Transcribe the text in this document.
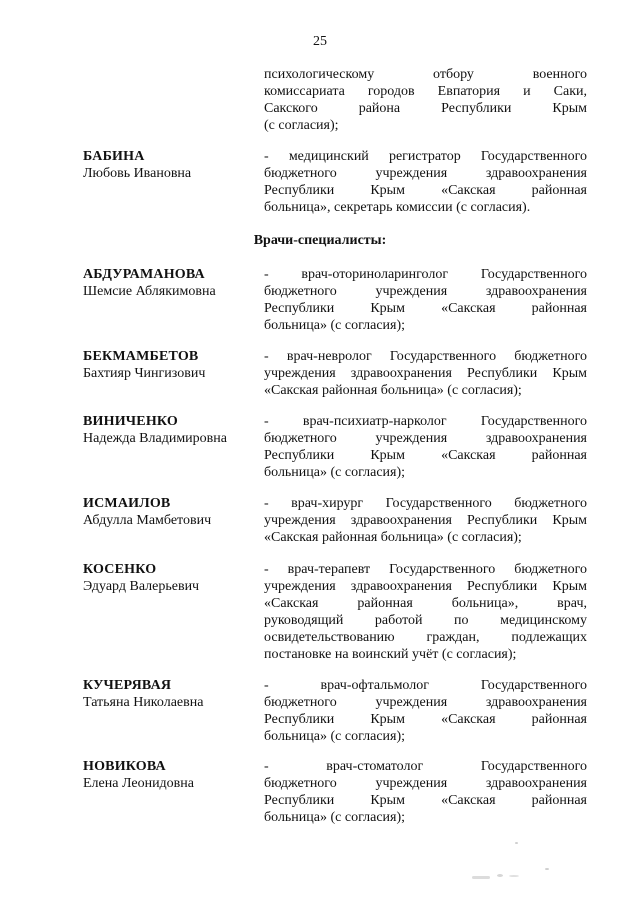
25
психологическому отбору военного
комиссариата городов Евпатория и Саки,
Сакского района Республики Крым
(с согласия);
БАБИНА
Любовь Ивановна
- медицинский регистратор Государственного
бюджетного учреждения здравоохранения
Республики Крым «Сакская районная
больница», секретарь комиссии (с согласия).
Врачи-специалисты:
АБДУРАМАНОВА
Шемсие Аблякимовна
- врач-оториноларинголог Государственного
бюджетного учреждения здравоохранения
Республики Крым «Сакская районная
больница» (с согласия);
БЕКМАМБЕТОВ
Бахтияр Чингизович
- врач-невролог Государственного бюджетного
учреждения здравоохранения Республики Крым
«Сакская районная больница» (с согласия);
ВИНИЧЕНКО
Надежда Владимировна
- врач-психиатр-нарколог Государственного
бюджетного учреждения здравоохранения
Республики Крым «Сакская районная
больница» (с согласия);
ИСМАИЛОВ
Абдулла Мамбетович
- врач-хирург Государственного бюджетного
учреждения здравоохранения Республики Крым
«Сакская районная больница» (с согласия);
КОСЕНКО
Эдуард Валерьевич
- врач-терапевт Государственного бюджетного
учреждения здравоохранения Республики Крым
«Сакская районная больница», врач,
руководящий работой по медицинскому
освидетельствованию граждан, подлежащих
постановке на воинский учёт (с согласия);
КУЧЕРЯВАЯ
Татьяна Николаевна
- врач-офтальмолог Государственного
бюджетного учреждения здравоохранения
Республики Крым «Сакская районная
больница» (с согласия);
НОВИКОВА
Елена Леонидовна
- врач-стоматолог Государственного
бюджетного учреждения здравоохранения
Республики Крым «Сакская районная
больница» (с согласия);
